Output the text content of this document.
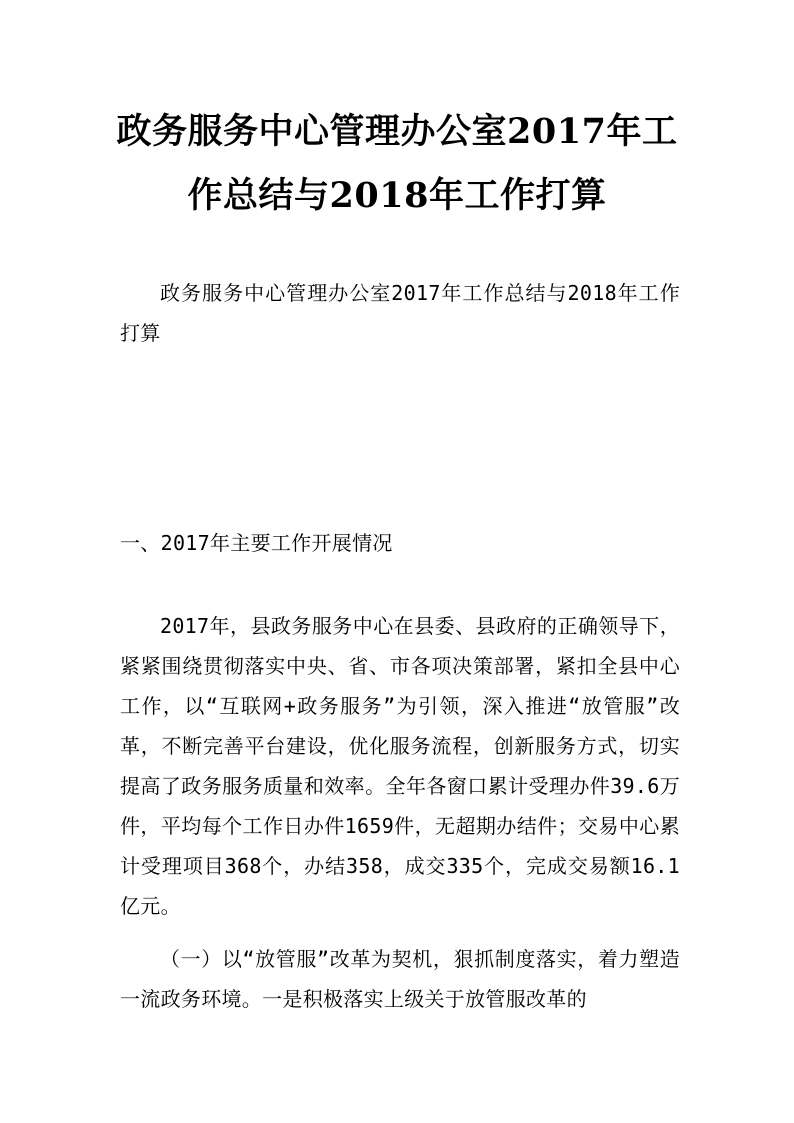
政务服务中心管理办公室2017年工作总结与2018年工作打算

政务服务中心管理办公室2017年工作总结与2018年工作打算

一、2017年主要工作开展情况

2017年，县政务服务中心在县委、县政府的正确领导下，紧紧围绕贯彻落实中央、省、市各项决策部署，紧扣全县中心工作，以“互联网+政务服务”为引领，深入推进“放管服”改革，不断完善平台建设，优化服务流程，创新服务方式，切实提高了政务服务质量和效率。全年各窗口累计受理办件39.6万件，平均每个工作日办件1659件，无超期办结件；交易中心累计受理项目368个，办结358，成交335个，完成交易额16.1亿元。

（一）以“放管服”改革为契机，狠抓制度落实，着力塑造一流政务环境。一是积极落实上级关于放管服改革的
